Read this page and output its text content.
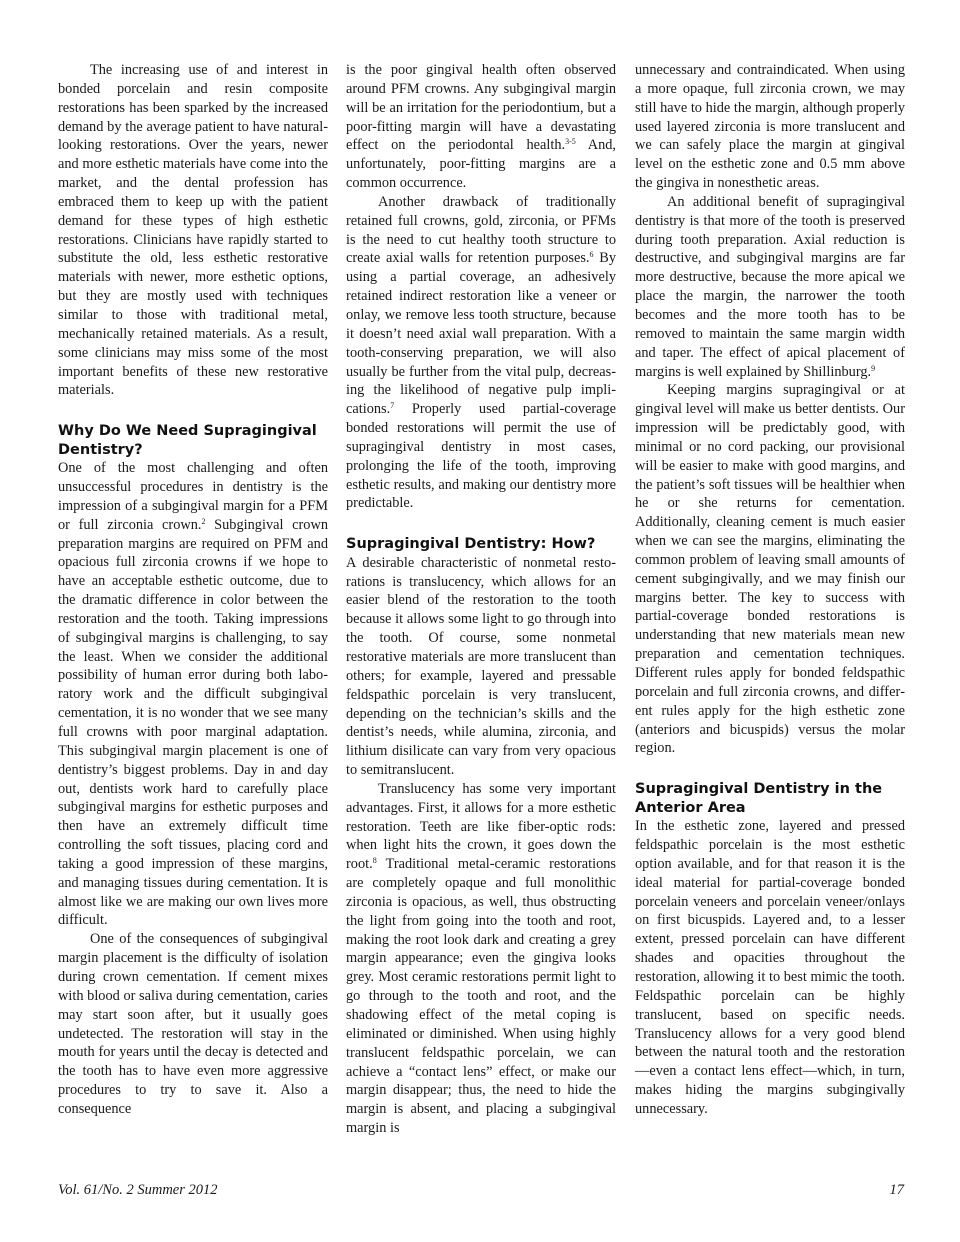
The increasing use of and interest in bonded porcelain and resin composite restorations has been sparked by the increased demand by the average patient to have natural-looking restorations. Over the years, newer and more esthetic materials have come into the market, and the dental profession has embraced them to keep up with the patient demand for these types of high esthetic restorations. Clinicians have rapidly started to substitute the old, less esthetic restorative materials with newer, more esthetic options, but they are mostly used with techniques similar to those with traditional metal, mechanically retained materials. As a result, some clinicians may miss some of the most important benefits of these new restorative materials.

Why Do We Need Supragingival Dentistry?

One of the most challenging and often unsuccessful procedures in dentistry is the impression of a subgingival margin for a PFM or full zirconia crown.$^2$ Subgingival crown preparation margins are required on PFM and opacious full zirconia crowns if we hope to have an acceptable esthetic outcome, due to the dramatic difference in color between the restoration and the tooth. Taking impressions of subgingival margins is challenging, to say the least. When we consider the additional possibility of human error during both laboratory work and the difficult subgingival cementation, it is no wonder that we see many full crowns with poor marginal adaptation. This subgingival margin placement is one of dentistry’s biggest problems. Day in and day out, dentists work hard to carefully place subgingival margins for esthetic purposes and then have an extremely difficult time controlling the soft tissues, placing cord and taking a good impression of these margins, and managing tissues during cementation. It is almost like we are making our own lives more difficult.

One of the consequences of subgingival margin placement is the difficulty of isolation during crown cementation. If cement mixes with blood or saliva during cementation, caries may start soon after, but it usually goes undetected. The restoration will stay in the mouth for years until the decay is detected and the tooth has to have even more aggressive procedures to try to save it. Also a consequence

is the poor gingival health often observed around PFM crowns. Any subgingival margin will be an irritation for the periodontium, but a poor-fitting margin will have a devastating effect on the periodontal health.$^{3-5}$ And, unfortunately, poor-fitting margins are a common occurrence.

Another drawback of traditionally retained full crowns, gold, zirconia, or PFMs is the need to cut healthy tooth structure to create axial walls for retention purposes.$^6$ By using a partial coverage, an adhesively retained indirect restoration like a veneer or onlay, we remove less tooth structure, because it doesn’t need axial wall preparation. With a tooth-conserving preparation, we will also usually be further from the vital pulp, decreasing the likelihood of negative pulp implications.$^7$ Properly used partial-coverage bonded restorations will permit the use of supragingival dentistry in most cases, prolonging the life of the tooth, improving esthetic results, and making our dentistry more predictable.

Supragingival Dentistry: How?

A desirable characteristic of nonmetal restorations is translucency, which allows for an easier blend of the restoration to the tooth because it allows some light to go through into the tooth. Of course, some nonmetal restorative materials are more translucent than others; for example, layered and pressable feldspathic porcelain is very translucent, depending on the technician’s skills and the dentist’s needs, while alumina, zirconia, and lithium disilicate can vary from very opacious to semitranslucent.

Translucency has some very important advantages. First, it allows for a more esthetic restoration. Teeth are like fiber-optic rods: when light hits the crown, it goes down the root.$^8$ Traditional metal-ceramic restorations are completely opaque and full monolithic zirconia is opacious, as well, thus obstructing the light from going into the tooth and root, making the root look dark and creating a grey margin appearance; even the gingiva looks grey. Most ceramic restorations permit light to go through to the tooth and root, and the shadowing effect of the metal coping is eliminated or diminished. When using highly translucent feldspathic porcelain, we can achieve a “contact lens” effect, or make our margin disappear; thus, the need to hide the margin is absent, and placing a subgingival margin is

unnecessary and contraindicated. When using a more opaque, full zirconia crown, we may still have to hide the margin, although properly used layered zirconia is more translucent and we can safely place the margin at gingival level on the esthetic zone and 0.5 mm above the gingiva in nonesthetic areas.

An additional benefit of supragingival dentistry is that more of the tooth is preserved during tooth preparation. Axial reduction is destructive, and subgingival margins are far more destructive, because the more apical we place the margin, the narrower the tooth becomes and the more tooth has to be removed to maintain the same margin width and taper. The effect of apical placement of margins is well explained by Shillinburg.$^9$

Keeping margins supragingival or at gingival level will make us better dentists. Our impression will be predictably good, with minimal or no cord packing, our provisional will be easier to make with good margins, and the patient’s soft tissues will be healthier when he or she returns for cementation. Additionally, cleaning cement is much easier when we can see the margins, eliminating the common problem of leaving small amounts of cement subgingivally, and we may finish our margins better. The key to success with partial-coverage bonded restorations is understanding that new materials mean new preparation and cementation techniques. Different rules apply for bonded feldspathic porcelain and full zirconia crowns, and different rules apply for the high esthetic zone (anteriors and bicuspids) versus the molar region.

Supragingival Dentistry in the Anterior Area

In the esthetic zone, layered and pressed feldspathic porcelain is the most esthetic option available, and for that reason it is the ideal material for partial-coverage bonded porcelain veneers and porcelain veneer/onlays on first bicuspids. Layered and, to a lesser extent, pressed porcelain can have different shades and opacities throughout the restoration, allowing it to best mimic the tooth. Feldspathic porcelain can be highly translucent, based on specific needs. Translucency allows for a very good blend between the natural tooth and the restoration—even a contact lens effect—which, in turn, makes hiding the margins subgingivally unnecessary.

Vol. 61/No. 2 Summer 2012	17
